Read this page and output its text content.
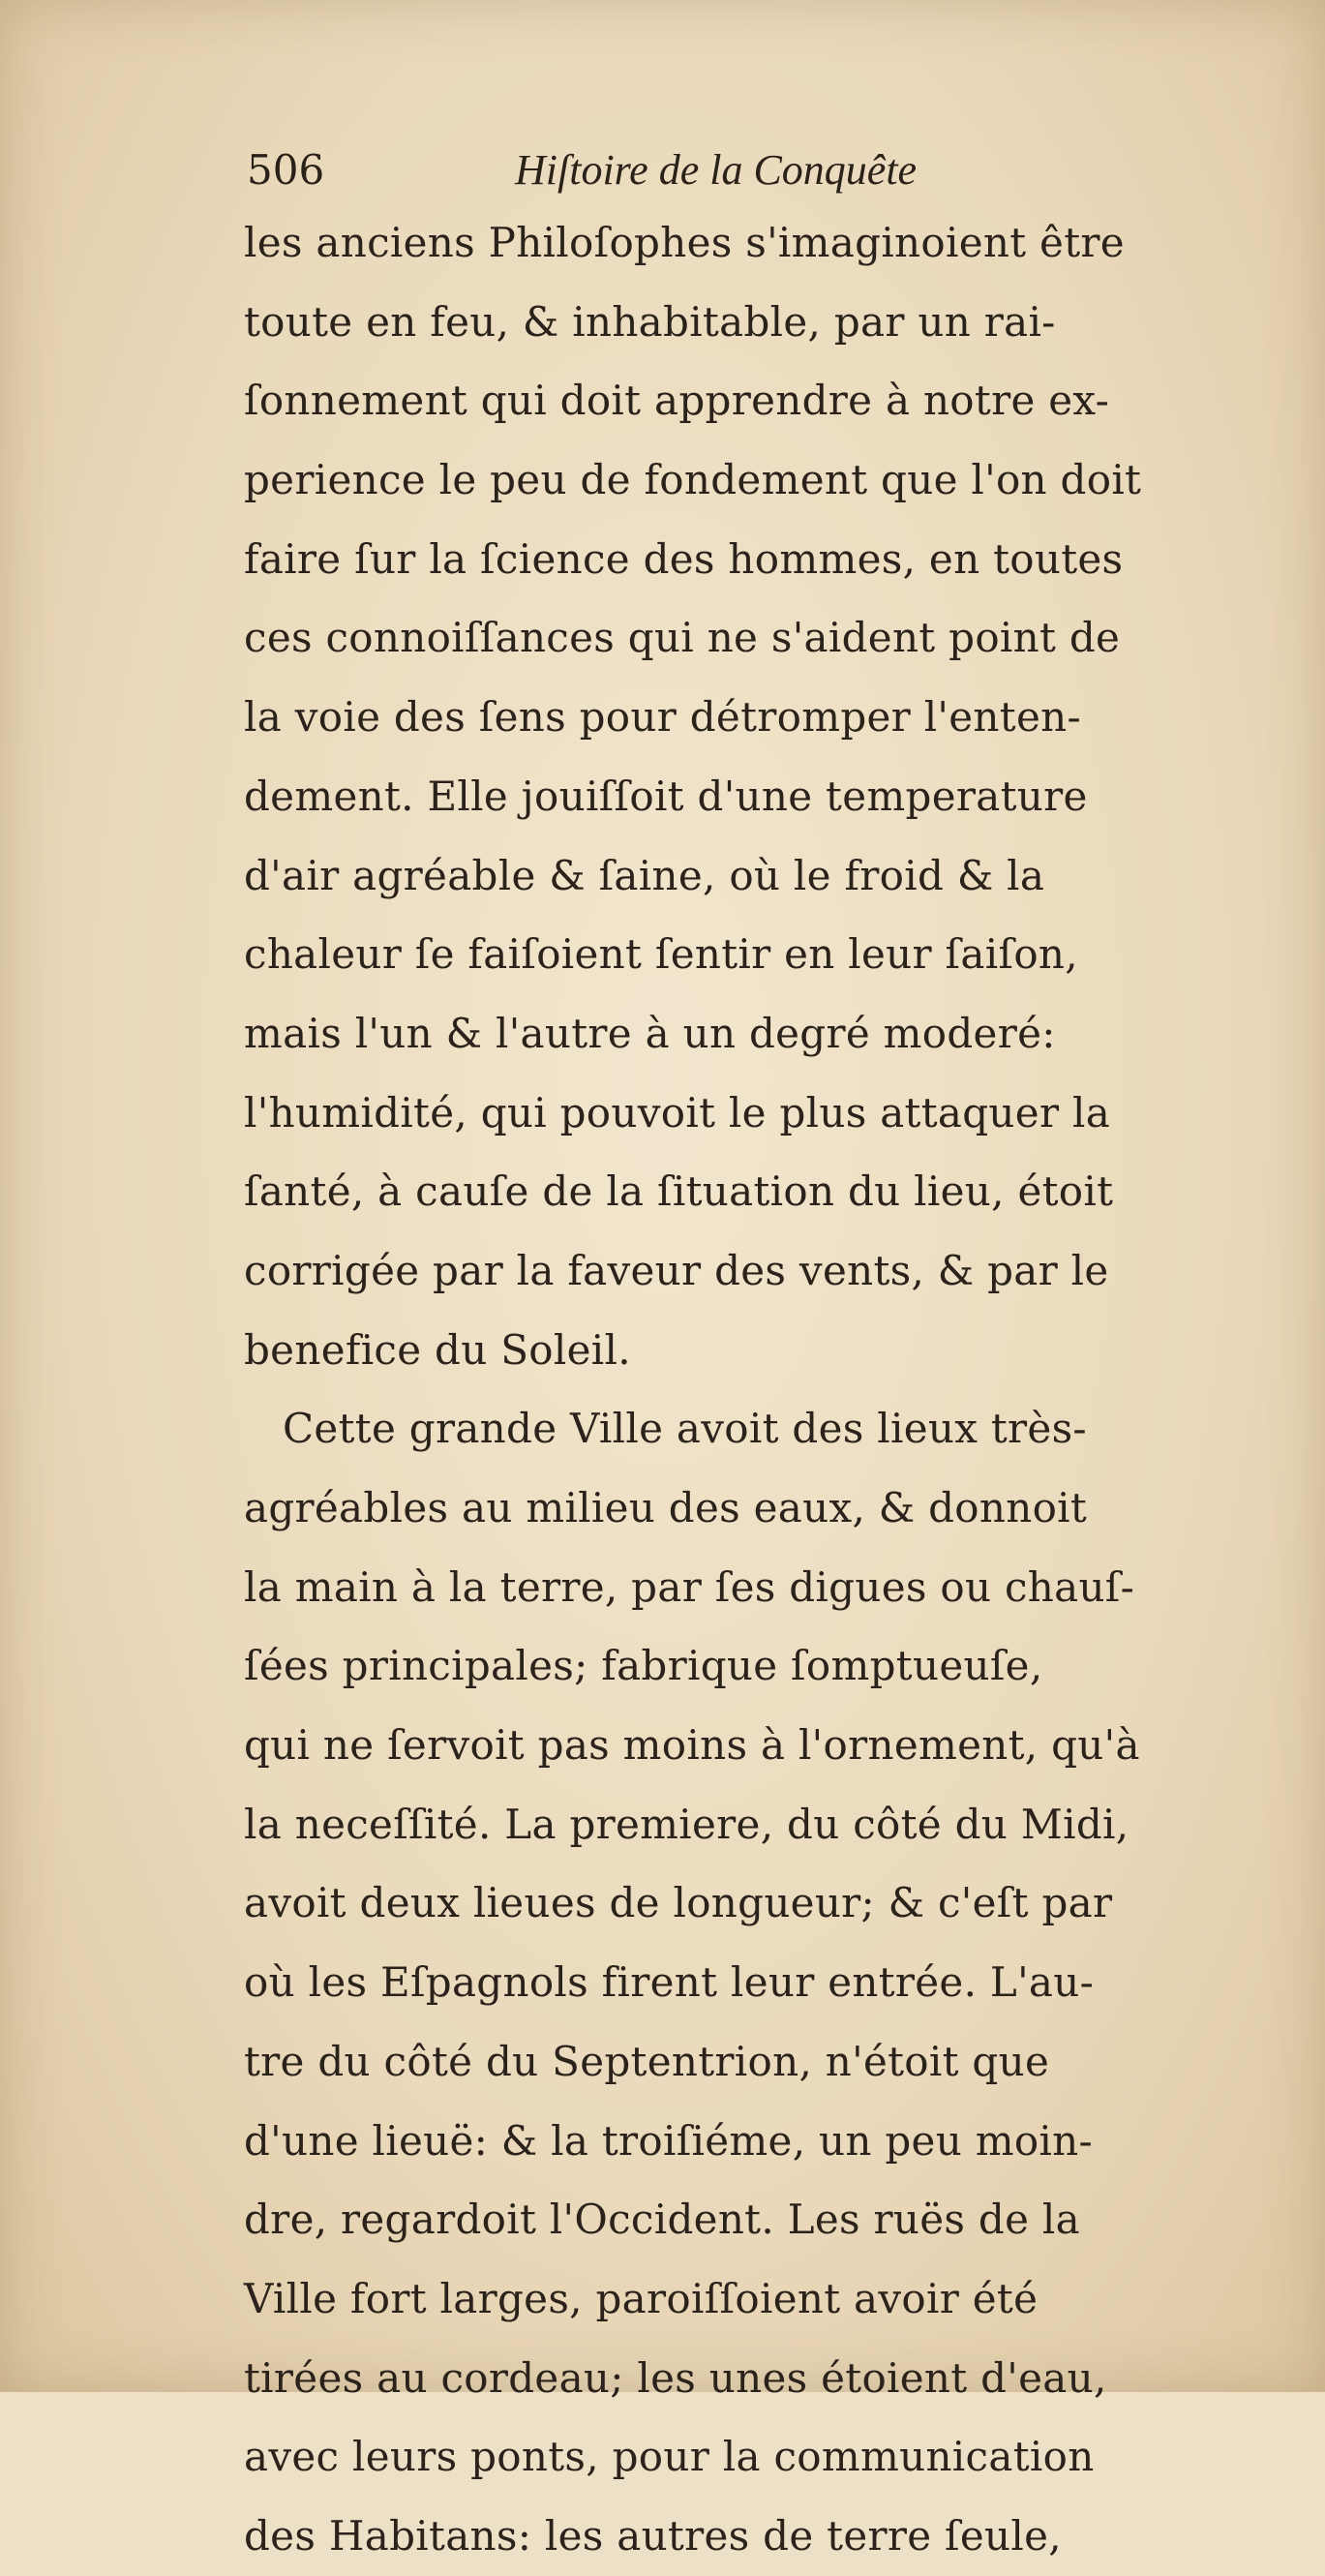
506	Hiſtoire de la Conquête
les anciens Philoſophes s'imaginoient être
toute en feu, & inhabitable, par un rai-
ſonnement qui doit apprendre à notre ex-
perience le peu de fondement que l'on doit
faire ſur la ſcience des hommes, en toutes
ces connoiſſances qui ne s'aident point de
la voie des ſens pour détromper l'enten-
dement. Elle jouiſſoit d'une temperature
d'air agréable & ſaine, où le froid & la
chaleur ſe faiſoient ſentir en leur ſaiſon,
mais l'un & l'autre à un degré moderé:
l'humidité, qui pouvoit le plus attaquer la
ſanté, à cauſe de la ſituation du lieu, étoit
corrigée par la faveur des vents, & par le
benefice du Soleil.
Cette grande Ville avoit des lieux très-
agréables au milieu des eaux, & donnoit
la main à la terre, par ſes digues ou chauſ-
ſées principales; fabrique ſomptueuſe,
qui ne ſervoit pas moins à l'ornement, qu'à
la neceſſité. La premiere, du côté du Midi,
avoit deux lieues de longueur; & c'eſt par
où les Eſpagnols firent leur entrée. L'au-
tre du côté du Septentrion, n'étoit que
d'une lieuë: & la troiſiéme, un peu moin-
dre, regardoit l'Occident. Les ruës de la
Ville fort larges, paroiſſoient avoir été
tirées au cordeau; les unes étoient d'eau,
avec leurs ponts, pour la communication
des Habitans: les autres de terre ſeule,
